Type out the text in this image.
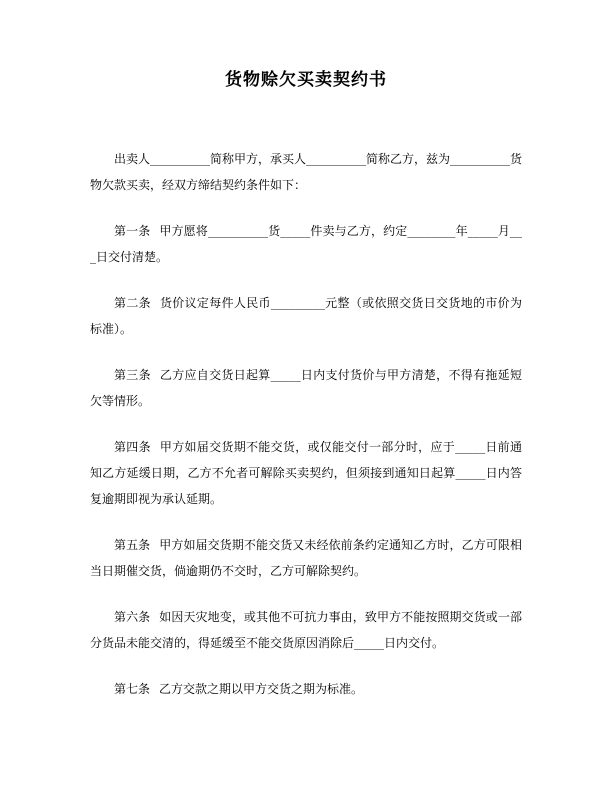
货物赊欠买卖契约书

出卖人__________简称甲方，承买人__________简称乙方，兹为__________货物欠款买卖，经双方缔结契约条件如下：

第一条 甲方愿将__________货_____件卖与乙方，约定________年_____月___日交付清楚。

第二条 货价议定每件人民币_________元整（或依照交货日交货地的市价为标准）。

第三条 乙方应自交货日起算_____日内支付货价与甲方清楚，不得有拖延短欠等情形。

第四条 甲方如届交货期不能交货，或仅能交付一部分时，应于_____日前通知乙方延缓日期，乙方不允者可解除买卖契约，但须接到通知日起算_____日内答复逾期即视为承认延期。

第五条 甲方如届交货期不能交货又未经依前条约定通知乙方时，乙方可限相当日期催交货，倘逾期仍不交时，乙方可解除契约。

第六条 如因天灾地变，或其他不可抗力事由，致甲方不能按照期交货或一部分货品未能交清的，得延缓至不能交货原因消除后_____日内交付。

第七条 乙方交款之期以甲方交货之期为标准。
